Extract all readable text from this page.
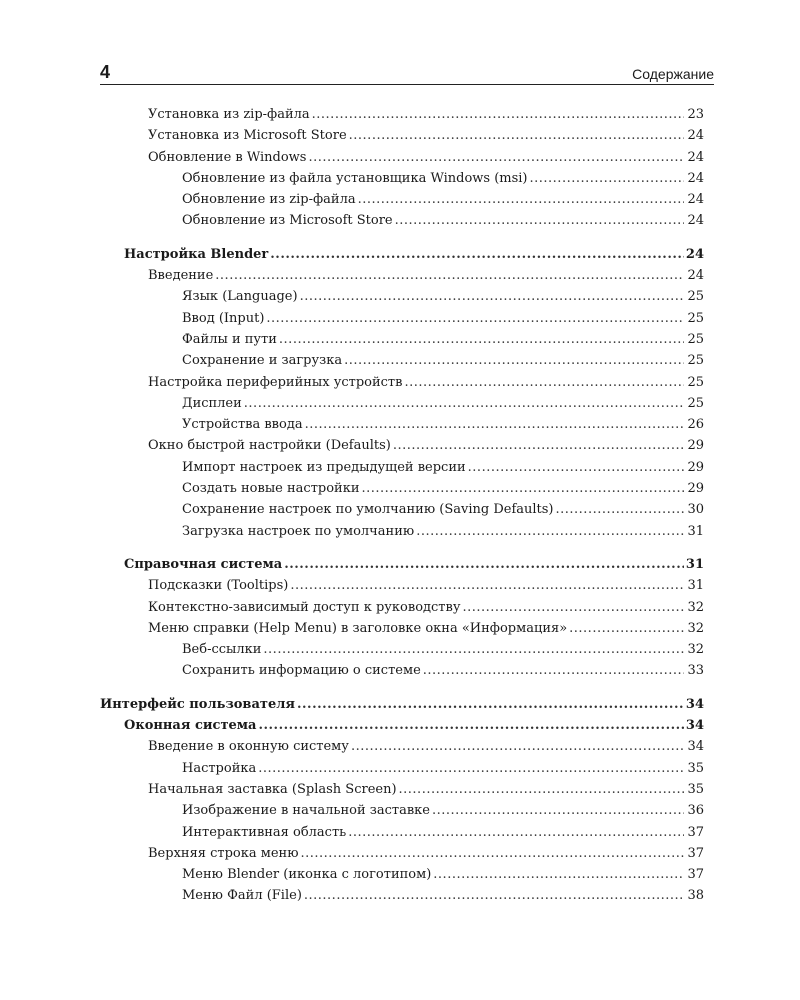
4	Содержание
Установка из zip-файла .....	23
Установка из Microsoft Store .....	24
Обновление в Windows .....	24
Обновление из файла установщика Windows (msi) .....	24
Обновление из zip-файла .....	24
Обновление из Microsoft Store .....	24
Настройка Blender .....	24
Введение .....	24
Язык (Language) .....	25
Ввод (Input) .....	25
Файлы и пути .....	25
Сохранение и загрузка .....	25
Настройка периферийных устройств .....	25
Дисплеи .....	25
Устройства ввода .....	26
Окно быстрой настройки (Defaults) .....	29
Импорт настроек из предыдущей версии .....	29
Создать новые настройки .....	29
Сохранение настроек по умолчанию (Saving Defaults) .....	30
Загрузка настроек по умолчанию .....	31
Справочная система .....	31
Подсказки (Tooltips) .....	31
Контекстно-зависимый доступ к руководству .....	32
Меню справки (Help Menu) в заголовке окна «Информация» .....	32
Веб-ссылки .....	32
Сохранить информацию о системе .....	33
Интерфейс пользователя .....	34
Оконная система .....	34
Введение в оконную систему .....	34
Настройка .....	35
Начальная заставка (Splash Screen) .....	35
Изображение в начальной заставке .....	36
Интерактивная область .....	37
Верхняя строка меню .....	37
Меню Blender (иконка с логотипом) .....	37
Меню Файл (File) .....	38
